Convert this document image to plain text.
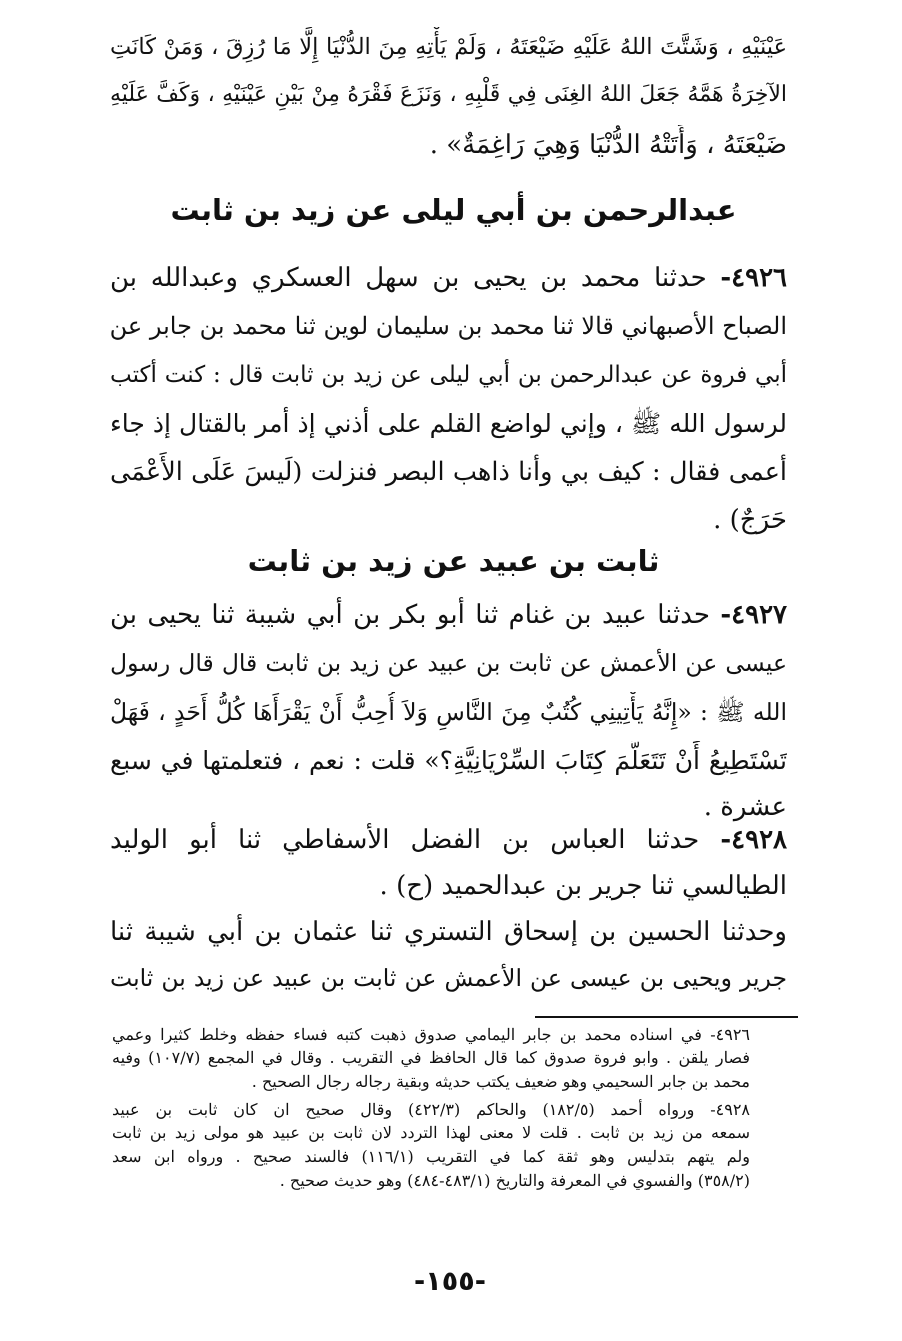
عَيْنَيْهِ ، وَشَتَّتَ اللهُ عَلَيْهِ ضَيْعَتَهُ ، وَلَمْ يَأْتِهِ مِنَ الدُّنْيَا إِلَّا مَا رُزِقَ ، وَمَنْ كَانَتِ
الآخِرَةُ هَمَّهُ جَعَلَ اللهُ الغِنَى فِي قَلْبِهِ ، وَنَزَعَ فَقْرَهُ مِنْ بَيْنِ عَيْنَيْهِ ، وَكَفَّ عَلَيْهِ
ضَيْعَتَهُ ، وَأَتَتْهُ الدُّنْيَا وَهِيَ رَاغِمَةٌ» .
عبدالرحمن بن أبي ليلى عن زيد بن ثابت
٤٩٢٦- حدثنا محمد بن يحيى بن سهل العسكري وعبدالله بن
الصباح الأصبهاني قالا ثنا محمد بن سليمان لوين ثنا محمد بن جابر عن
أبي فروة عن عبدالرحمن بن أبي ليلى عن زيد بن ثابت قال : كنت أكتب
لرسول الله ﷺ ، وإني لواضع القلم على أذني إذ أمر بالقتال إذ جاء
أعمى فقال : كيف بي وأنا ذاهب البصر فنزلت (لَيسَ عَلَى الأَعْمَى
حَرَجٌ) .
ثابت بن عبيد عن زيد بن ثابت
٤٩٢٧- حدثنا عبيد بن غنام ثنا أبو بكر بن أبي شيبة ثنا يحيى بن
عيسى عن الأعمش عن ثابت بن عبيد عن زيد بن ثابت قال قال رسول
الله ﷺ : «إِنَّهُ يَأْتِينِي كُتُبٌ مِنَ النَّاسِ وَلاَ أُحِبُّ أَنْ يَقْرَأَهَا كُلُّ أَحَدٍ ، فَهَلْ
تَسْتَطِيعُ أَنْ تَتَعَلَّمَ كِتَابَ السِّرْيَانِيَّةِ؟» قلت : نعم ، فتعلمتها في سبع
عشرة .
٤٩٢٨- حدثنا العباس بن الفضل الأسفاطي ثنا أبو الوليد
الطيالسي ثنا جرير بن عبدالحميد (ح) .
وحدثنا الحسين بن إسحاق التستري ثنا عثمان بن أبي شيبة ثنا
جرير ويحيى بن عيسى عن الأعمش عن ثابت بن عبيد عن زيد بن ثابت
٤٩٢٦- في اسناده محمد بن جابر اليمامي صدوق ذهبت كتبه فساء حفظه وخلط كثيرا وعمي
فصار يلقن . وابو فروة صدوق كما قال الحافظ في التقريب . وقال في المجمع (١٠٧/٧) وفيه
محمد بن جابر السحيمي وهو ضعيف يكتب حديثه وبقية رجاله رجال الصحيح .
٤٩٢٨- ورواه أحمد (١٨٢/٥) والحاكم (٤٢٢/٣) وقال صحيح ان كان ثابت بن عبيد
سمعه من زيد بن ثابت . قلت لا معنى لهذا التردد لان ثابت بن عبيد هو مولى زيد بن ثابت
ولم يتهم بتدليس وهو ثقة كما في التقريب (١١٦/١) فالسند صحيح . ورواه ابن سعد
(٣٥٨/٢) والفسوي في المعرفة والتاريخ (٤٨٣/١-٤٨٤) وهو حديث صحيح .
-١٥٥-
